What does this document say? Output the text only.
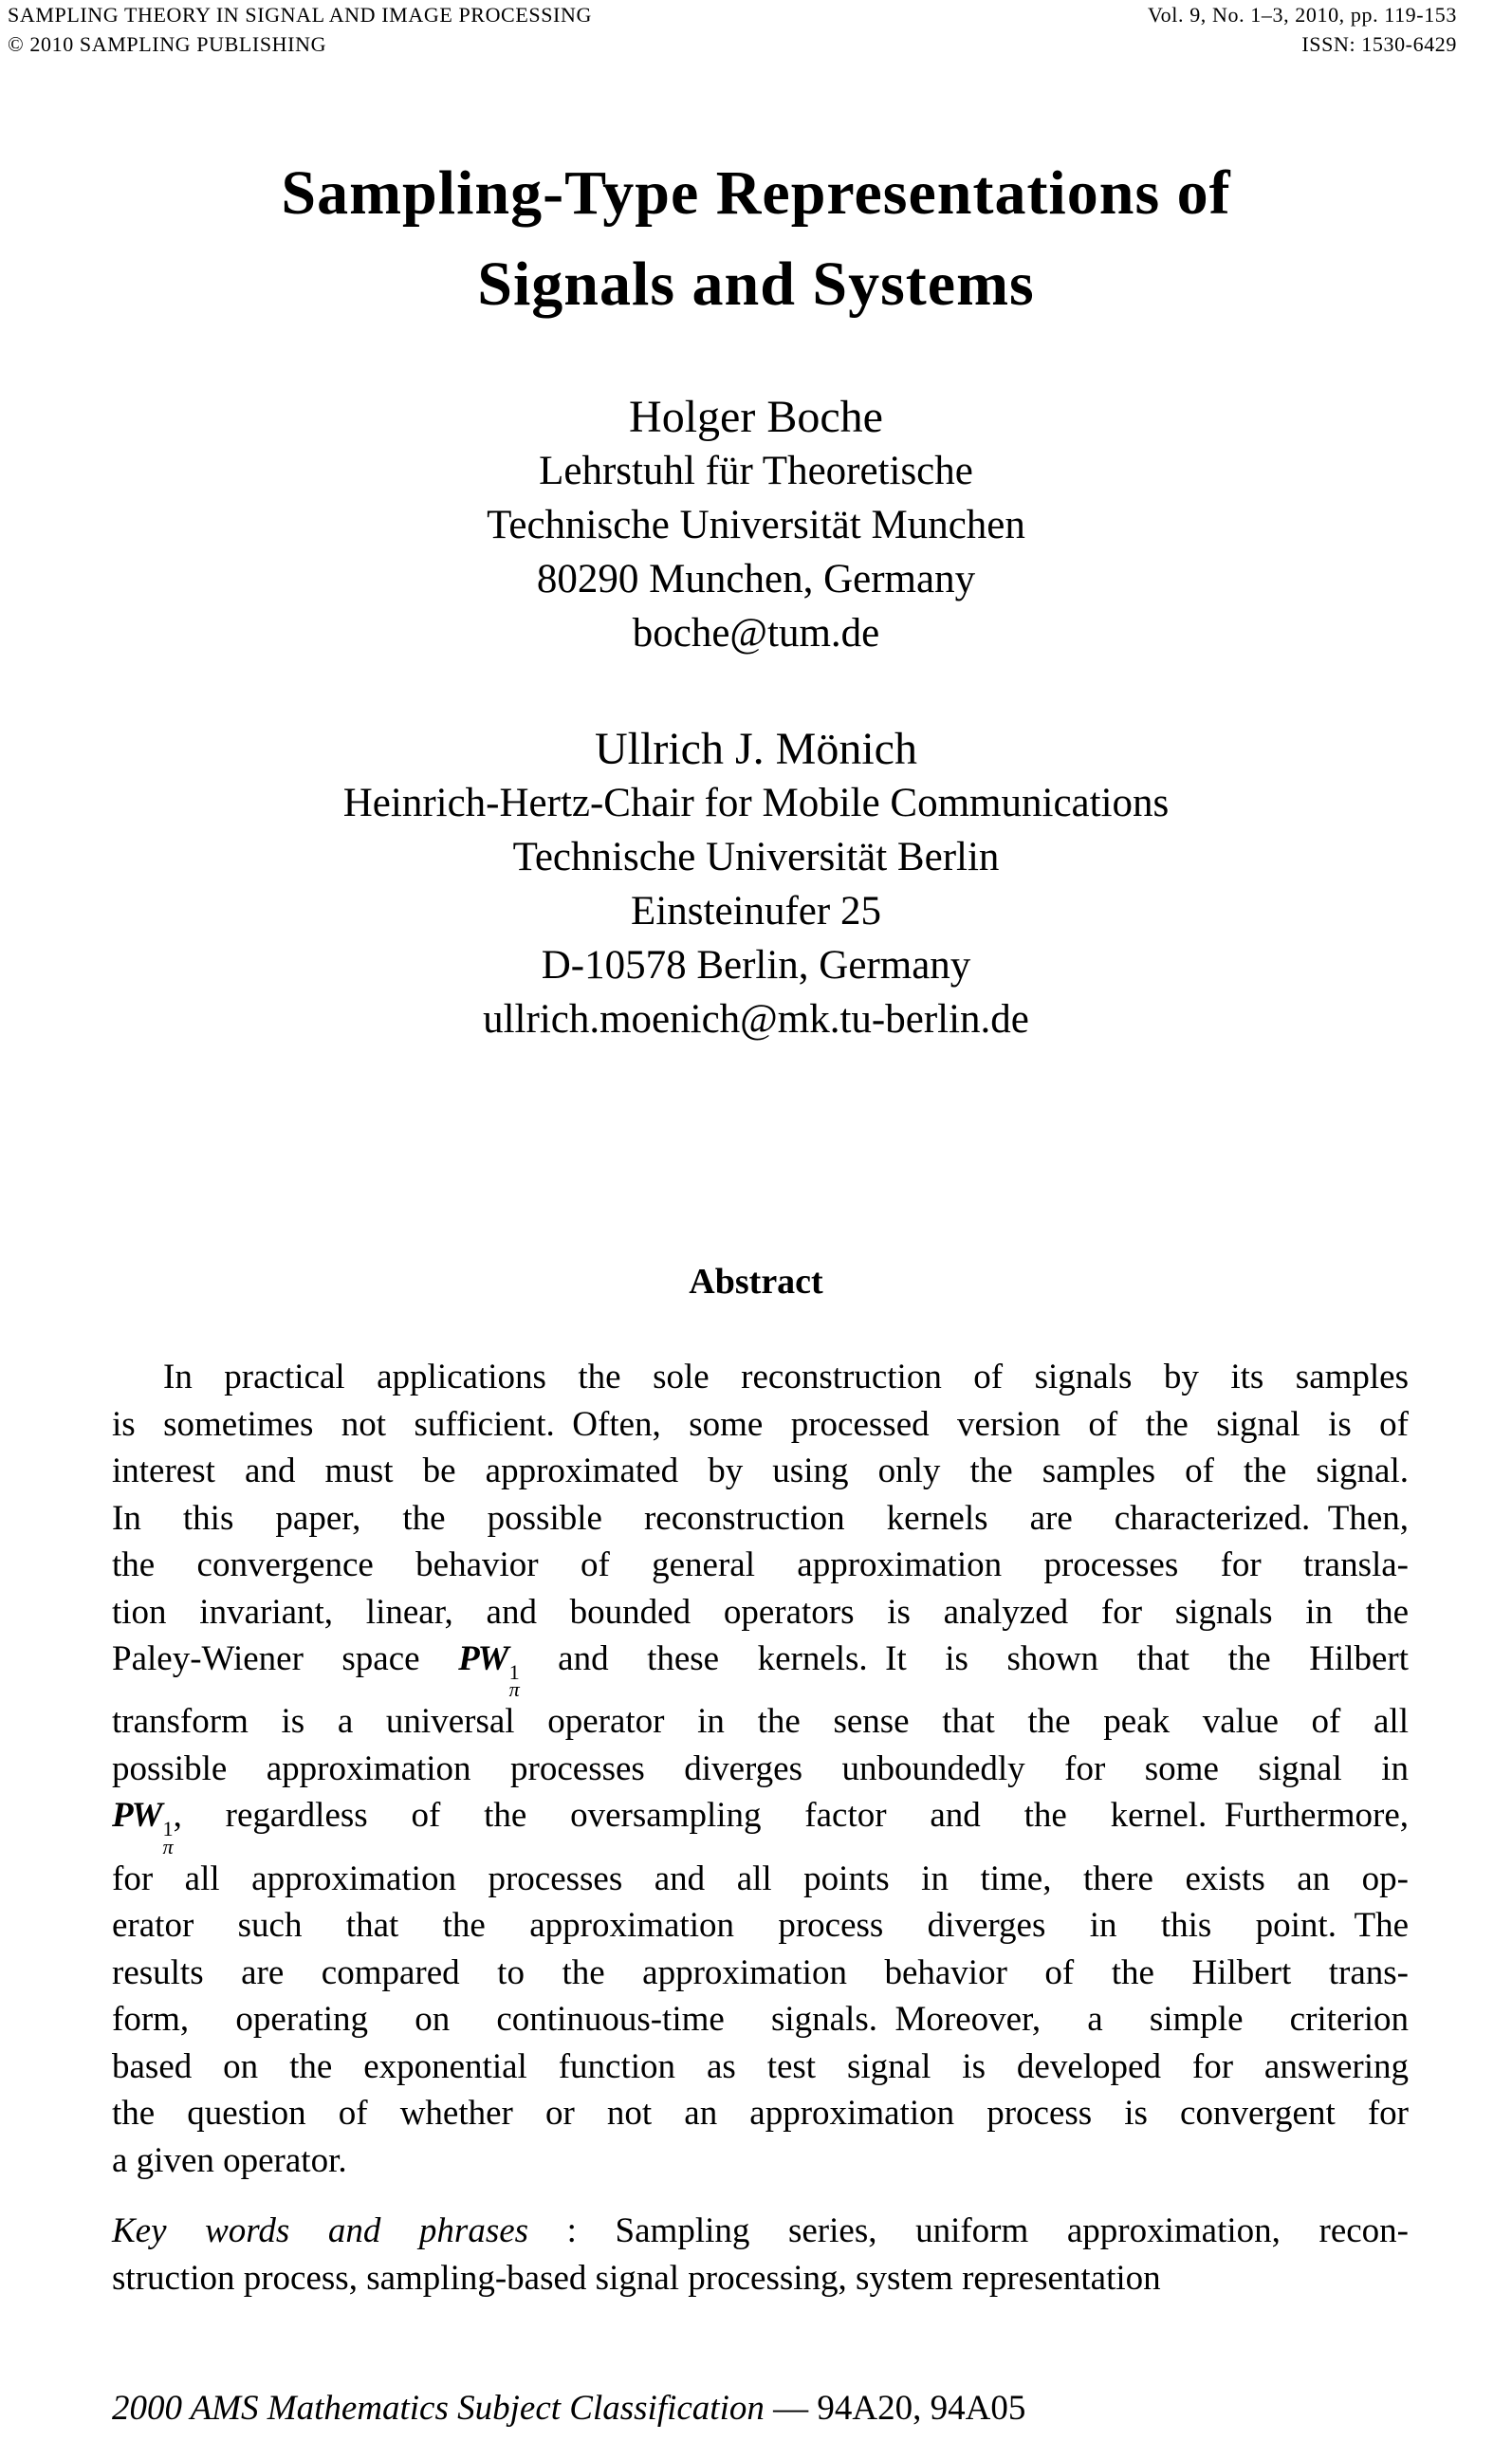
SAMPLING THEORY IN SIGNAL AND IMAGE PROCESSING
© 2010 SAMPLING PUBLISHING
Vol. 9, No. 1–3, 2010, pp. 119-153
ISSN: 1530-6429
Sampling-Type Representations of
Signals and Systems
Holger Boche
Lehrstuhl für Theoretische
Technische Universität Munchen
80290 Munchen, Germany
boche@tum.de
Ullrich J. Mönich
Heinrich-Hertz-Chair for Mobile Communications
Technische Universität Berlin
Einsteinufer 25
D-10578 Berlin, Germany
ullrich.moenich@mk.tu-berlin.de
Abstract
In practical applications the sole reconstruction of signals by its samples
is sometimes not sufficient. Often, some processed version of the signal is of
interest and must be approximated by using only the samples of the signal.
In this paper, the possible reconstruction kernels are characterized. Then,
the convergence behavior of general approximation processes for transla-
tion invariant, linear, and bounded operators is analyzed for signals in the
Paley-Wiener space PW 1
π
and these kernels. It is shown that the Hilbert
transform is a universal operator in the sense that the peak value of all
possible approximation processes diverges unboundedly for some signal in
PW 1
π
, regardless of the oversampling factor and the kernel. Furthermore,
for all approximation processes and all points in time, there exists an op-
erator such that the approximation process diverges in this point. The
results are compared to the approximation behavior of the Hilbert trans-
form, operating on continuous-time signals. Moreover, a simple criterion
based on the exponential function as test signal is developed for answering
the question of whether or not an approximation process is convergent for
a given operator.
Key words and phrases : Sampling series, uniform approximation, recon-
struction process, sampling-based signal processing, system representation
2000 AMS Mathematics Subject Classification — 94A20, 94A05
